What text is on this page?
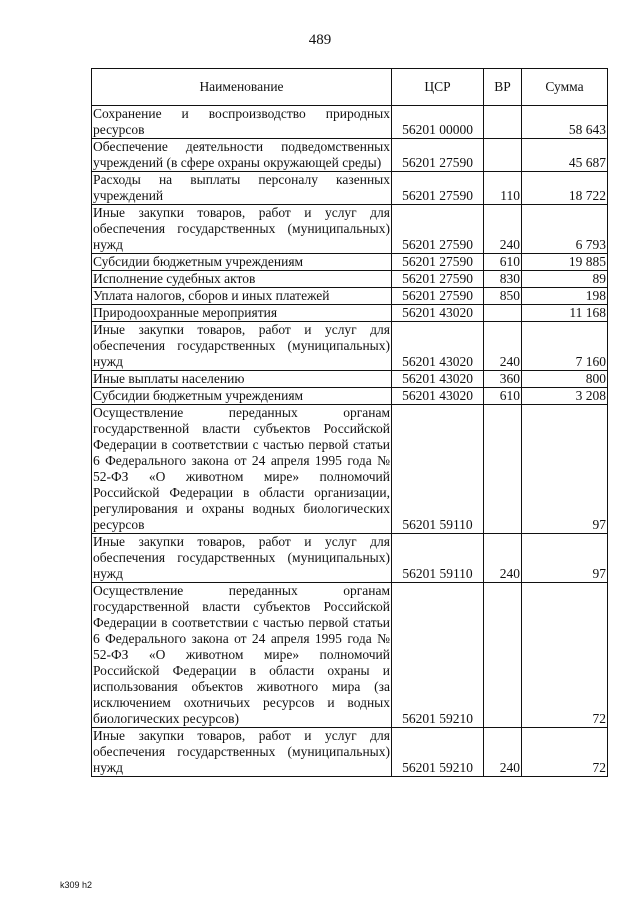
489
Наименование	ЦСР	ВР	Сумма
Сохранение и воспроизводство природных ресурсов	56201 00000		58 643
Обеспечение деятельности подведомственных учреждений (в сфере охраны окружающей среды)	56201 27590		45 687
Расходы на выплаты персоналу казенных учреждений	56201 27590	110	18 722
Иные закупки товаров, работ и услуг для обеспечения государственных (муниципальных) нужд	56201 27590	240	6 793
Субсидии бюджетным учреждениям	56201 27590	610	19 885
Исполнение судебных актов	56201 27590	830	89
Уплата налогов, сборов и иных платежей	56201 27590	850	198
Природоохранные мероприятия	56201 43020		11 168
Иные закупки товаров, работ и услуг для обеспечения государственных (муниципальных) нужд	56201 43020	240	7 160
Иные выплаты населению	56201 43020	360	800
Субсидии бюджетным учреждениям	56201 43020	610	3 208
Осуществление переданных органам государственной власти субъектов Российской Федерации в соответствии с частью первой статьи 6 Федерального закона от 24 апреля 1995 года № 52-ФЗ «О животном мире» полномочий Российской Федерации в области организации, регулирования и охраны водных биологических ресурсов	56201 59110		97
Иные закупки товаров, работ и услуг для обеспечения государственных (муниципальных) нужд	56201 59110	240	97
Осуществление переданных органам государственной власти субъектов Российской Федерации в соответствии с частью первой статьи 6 Федерального закона от 24 апреля 1995 года № 52-ФЗ «О животном мире» полномочий Российской Федерации в области охраны и использования объектов животного мира (за исключением охотничьих ресурсов и водных биологических ресурсов)	56201 59210		72
Иные закупки товаров, работ и услуг для обеспечения государственных (муниципальных) нужд	56201 59210	240	72
k309 h2
